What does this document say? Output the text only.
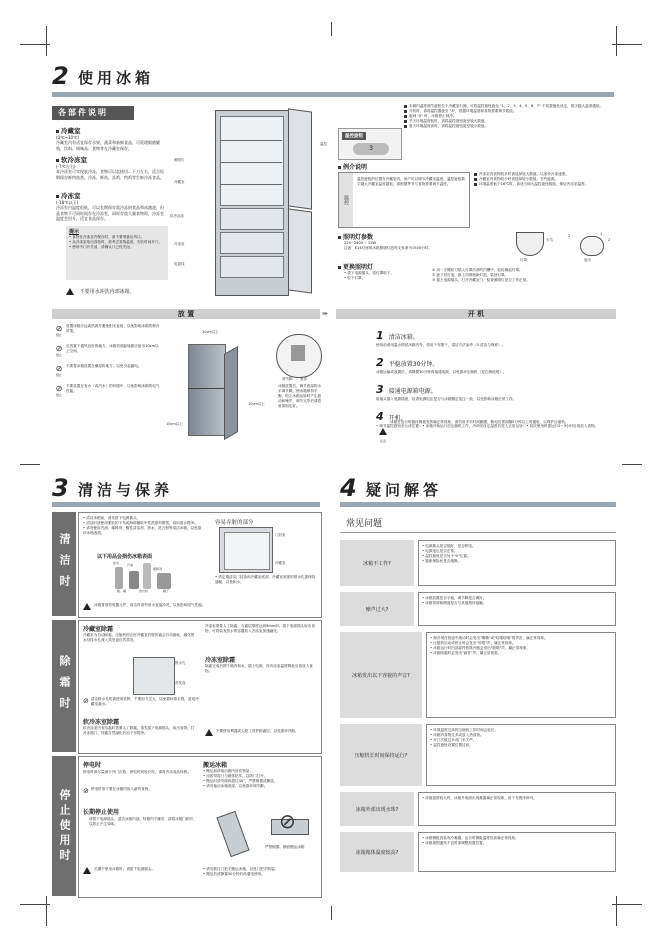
2 使用冰箱
各部件说明
冷藏室
(0℃~10℃)
冷藏室内有适宜保存水果、蔬菜和新鲜食品，可延缓细菌繁殖，饮料、调味品、食物等在冷藏室保存。
软冷冻室
(-7℃左右)
本冷冻室可实现软冷冻，食物可以直接切…下刀左右，适合短期保存鲜肉鱼类、冷冻、鲜鱼、冻鸡、肉鸡等生鲜冷冻食品。
冷冻室
(-18℃以下)
冷冻室内温度很低，可以长期保存需冷冻的食品和冰激凌，但是食物不可同时间存在冷冻室，同时存放大量食物时，冷冻室温度会回升，适宜食品保存。
提示
• 食物在冷冻室内保存时，请不要堵塞出风口。
• 从冷冻室取出食物时，需考虑食物温度，勿长时间开门。
• 使用中门开关前，请确认门已经关闭。
不要用水冲洗内部冰箱。
照明灯
冷藏室
软冷冻室
冷冻室
电源线
温控
温控旋钮
3
本箱内温度调节旋钮位于冷藏室右侧，可将温控旋钮旋至 "1、2、3、4、5、6、7" 不同数值处设定，数字越大温度越低。
开机时，请将温控器旋至 "3"，根据环境温度和食物需要调节数值。
旋到 "0" 时，冰箱停止制冷。
冬天环境温度低时，请将温控旋钮旋至较大数值。
夏天环境温度高时，请将温控旋钮旋至较小数值。
例介说明
温控
温控旋钮的位置在冷藏室内，用户可以调节冷藏室温度，温控旋钮数字越大冷藏室温度越低，请根据季节与食物需要调节温度。
冷冻室内食物较多时请选择较大数值，以加快冷冻速度。
冷藏室内食物较少时请选择较小数值，节约能源。
环境温度低于16℃时，请适当调大温控旋钮数值，保证冷冻室温度。
照明灯参数
220~240V～ 15W
注意：E14灯座的冰箱照明灯泡每支寿命为1500小时。
更换照明灯
• 拔下电源插头，将灯罩取下。
• 取下灯罩。
① 用一字螺丝刀插入灯罩后部的凹槽中，轻轻撬起灯罩。
② 旋下旧灯泡，换上同规格新灯泡，装回灯罩。
③ 插上电源插头，打开冷藏室门，检查照明灯是否工作正常。
卡爪
灯罩
2	1
2
旋出
放 置	➨	开 机
⊘
禁止
放置冰箱应远离热源并避免阳光直射，以免影响冰箱的制冷效果。
⊘
禁止
应放置于通风良好的地方，冰箱顶部距墙面应留出10cm以上空间。
⊘
禁止
不要将冰箱放置在潮湿的地方，以免引起漏电。
⊘
禁止
不要放置在有水（或汽水）的环境中，以免影响冰箱的电气性能。
10cm以上
10cm以上
10cm以上
调节脚 底部
冰箱放置后，调节底部的水平调节脚，使冰箱保持平衡，防止冰箱运转时产生振动和噪声，调节完毕后请将底部固定好。
1 清洁冰箱。
使用前请用温水擦拭冰箱内外，再用干布擦干，清洁方法参考（3 清洁与保养）。
2 平稳放置30分钟。
冰箱运输或放置后，请静置30分钟再接通电源，以免损坏压缩机（见右侧说明）。
3 接通电源箱电源。
将插头插入电源插座，检查电源电压是否与冰箱额定电压一致，以免影响冰箱正常工作。
4 开机。
• 调节温控旋钮至合适位置；• 冰箱开始运行后压缩机工作，冷却至设定温度后进入正常运转；• 初次使用时需运行2~3小时后再放入食物。
注意
冰箱在运行时箱体侧板发热属正常现象，请勿用手长时间触摸。断电后需间隔5分钟以上再通电，以保护压缩机。
3 清洁与保养
清洁时
• 清洁冰箱前，请先拔下电源插头。
• 清洁时请使用柔软的干布或海绵蘸取中性洗涤剂擦拭，再用清水擦净。
• 请勿使用汽油、稀释剂、酸性清洁剂、热水、洗衣粉等清洁冰箱，以免损坏冰箱表面。
以下用品会损伤冰箱表面
热水	汽油
洗衣粉
稀释剂
酸、碱	刷子
容易弄脏的部分
门封条
冷藏室
• 请定期清洁门封条和冷藏室底部，冷藏室底部的排水孔需保持通畅，以免积水。
冰箱背部有电器元件，清洁时请勿用水直接冲洗，以免影响电气性能。
除霜时
冷藏室除霜
冷藏室为自动除霜，压缩机停止时冷藏室后壁的霜会自动融化，融化的水经排水孔流入蒸发盘自然蒸发。
排水孔
蒸发盘
⊘ 清洁排水孔时请使用软棒，不要用力过大，以免损坏排水管，造成冷藏室漏水。
软冷冻室除霜
软冷冻室内有结霜时需要人工除霜，请先拔下电源插头，取出食物，打开冰箱门，待霜自然融化后用干布擦净。
冷冻室需要人工除霜，当霜层厚度达到5mm时，拔下电源插头取出食物，可将装有热水的容器放入冷冻室加速融化。
冷冻室除霜
除霜完成后擦干箱内积水，插上电源，待冷冻室温度降低后再放入食物。
不要使用利器或尖锐工具铲除霜层，以免损坏内胆。
停止使用时
停电时
停电时请尽量减少开门次数，停电时间较长时，请将冷冻食品转移。
⊘ 停电时请不要在冰箱内放入新的食物。
长期停止使用
请拔下电源插头，清洁冰箱内部，待箱内干燥后，请将冰箱门稍开，以防止产生异味。
长期不使用冰箱时，请拔下电源插头。
搬运冰箱
• 搬运前请取出箱内所有物品。
• 用胶带将门与箱体粘牢，以防门打开。
• 搬运时请勿倾斜超过45°，严禁倒置或横放。
• 请勿拖动冰箱底部，以免损坏调节脚。
⊘
严禁倒置、横放搬运冰箱
• 请勿抓住门把手搬运冰箱，以免门把手断裂。
• 搬运后请静置30分钟后再通电使用。
4 疑问解答
常见问题
冰箱不工作?
• 电源插头是否插好，是否停电。
• 电源电压是否正常。
• 温控旋钮是否处于"0"位置。
• 插座保险丝是否熔断。
噪声过大?
• 冰箱放置是否平稳，调节脚是否调好。
• 冰箱背部和侧面是否与其他物体接触。
冰箱发出以下容貌的声音?
• 制冷剂在管道中流动时会发出"嘶嘶"或"咕噜咕噜"的声音，属正常现象。
• 压缩机启动或停止时会发出"咔嗒"声，属正常现象。
• 冰箱运行时内部部件热胀冷缩会发出"啪啪"声，属正常现象。
• 冰箱除霜时会发出"滴答"声，属正常现象。
压缩机长时间保持运行?
• 环境温度过高时压缩机工作时间会延长。
• 冰箱内食物过多或放入热食物。
• 开门次数过多或门未关严。
• 温控旋钮设置位置过高。
冰箱外部出现水珠?
• 环境湿度较大时，冰箱外表面出现凝露属正常现象，用干布擦净即可。
冰箱箱体温度较高?
• 冰箱侧板内装有冷凝器，运行时侧板温度较高属正常现象。
• 冰箱周围通风不良时请调整放置位置。
